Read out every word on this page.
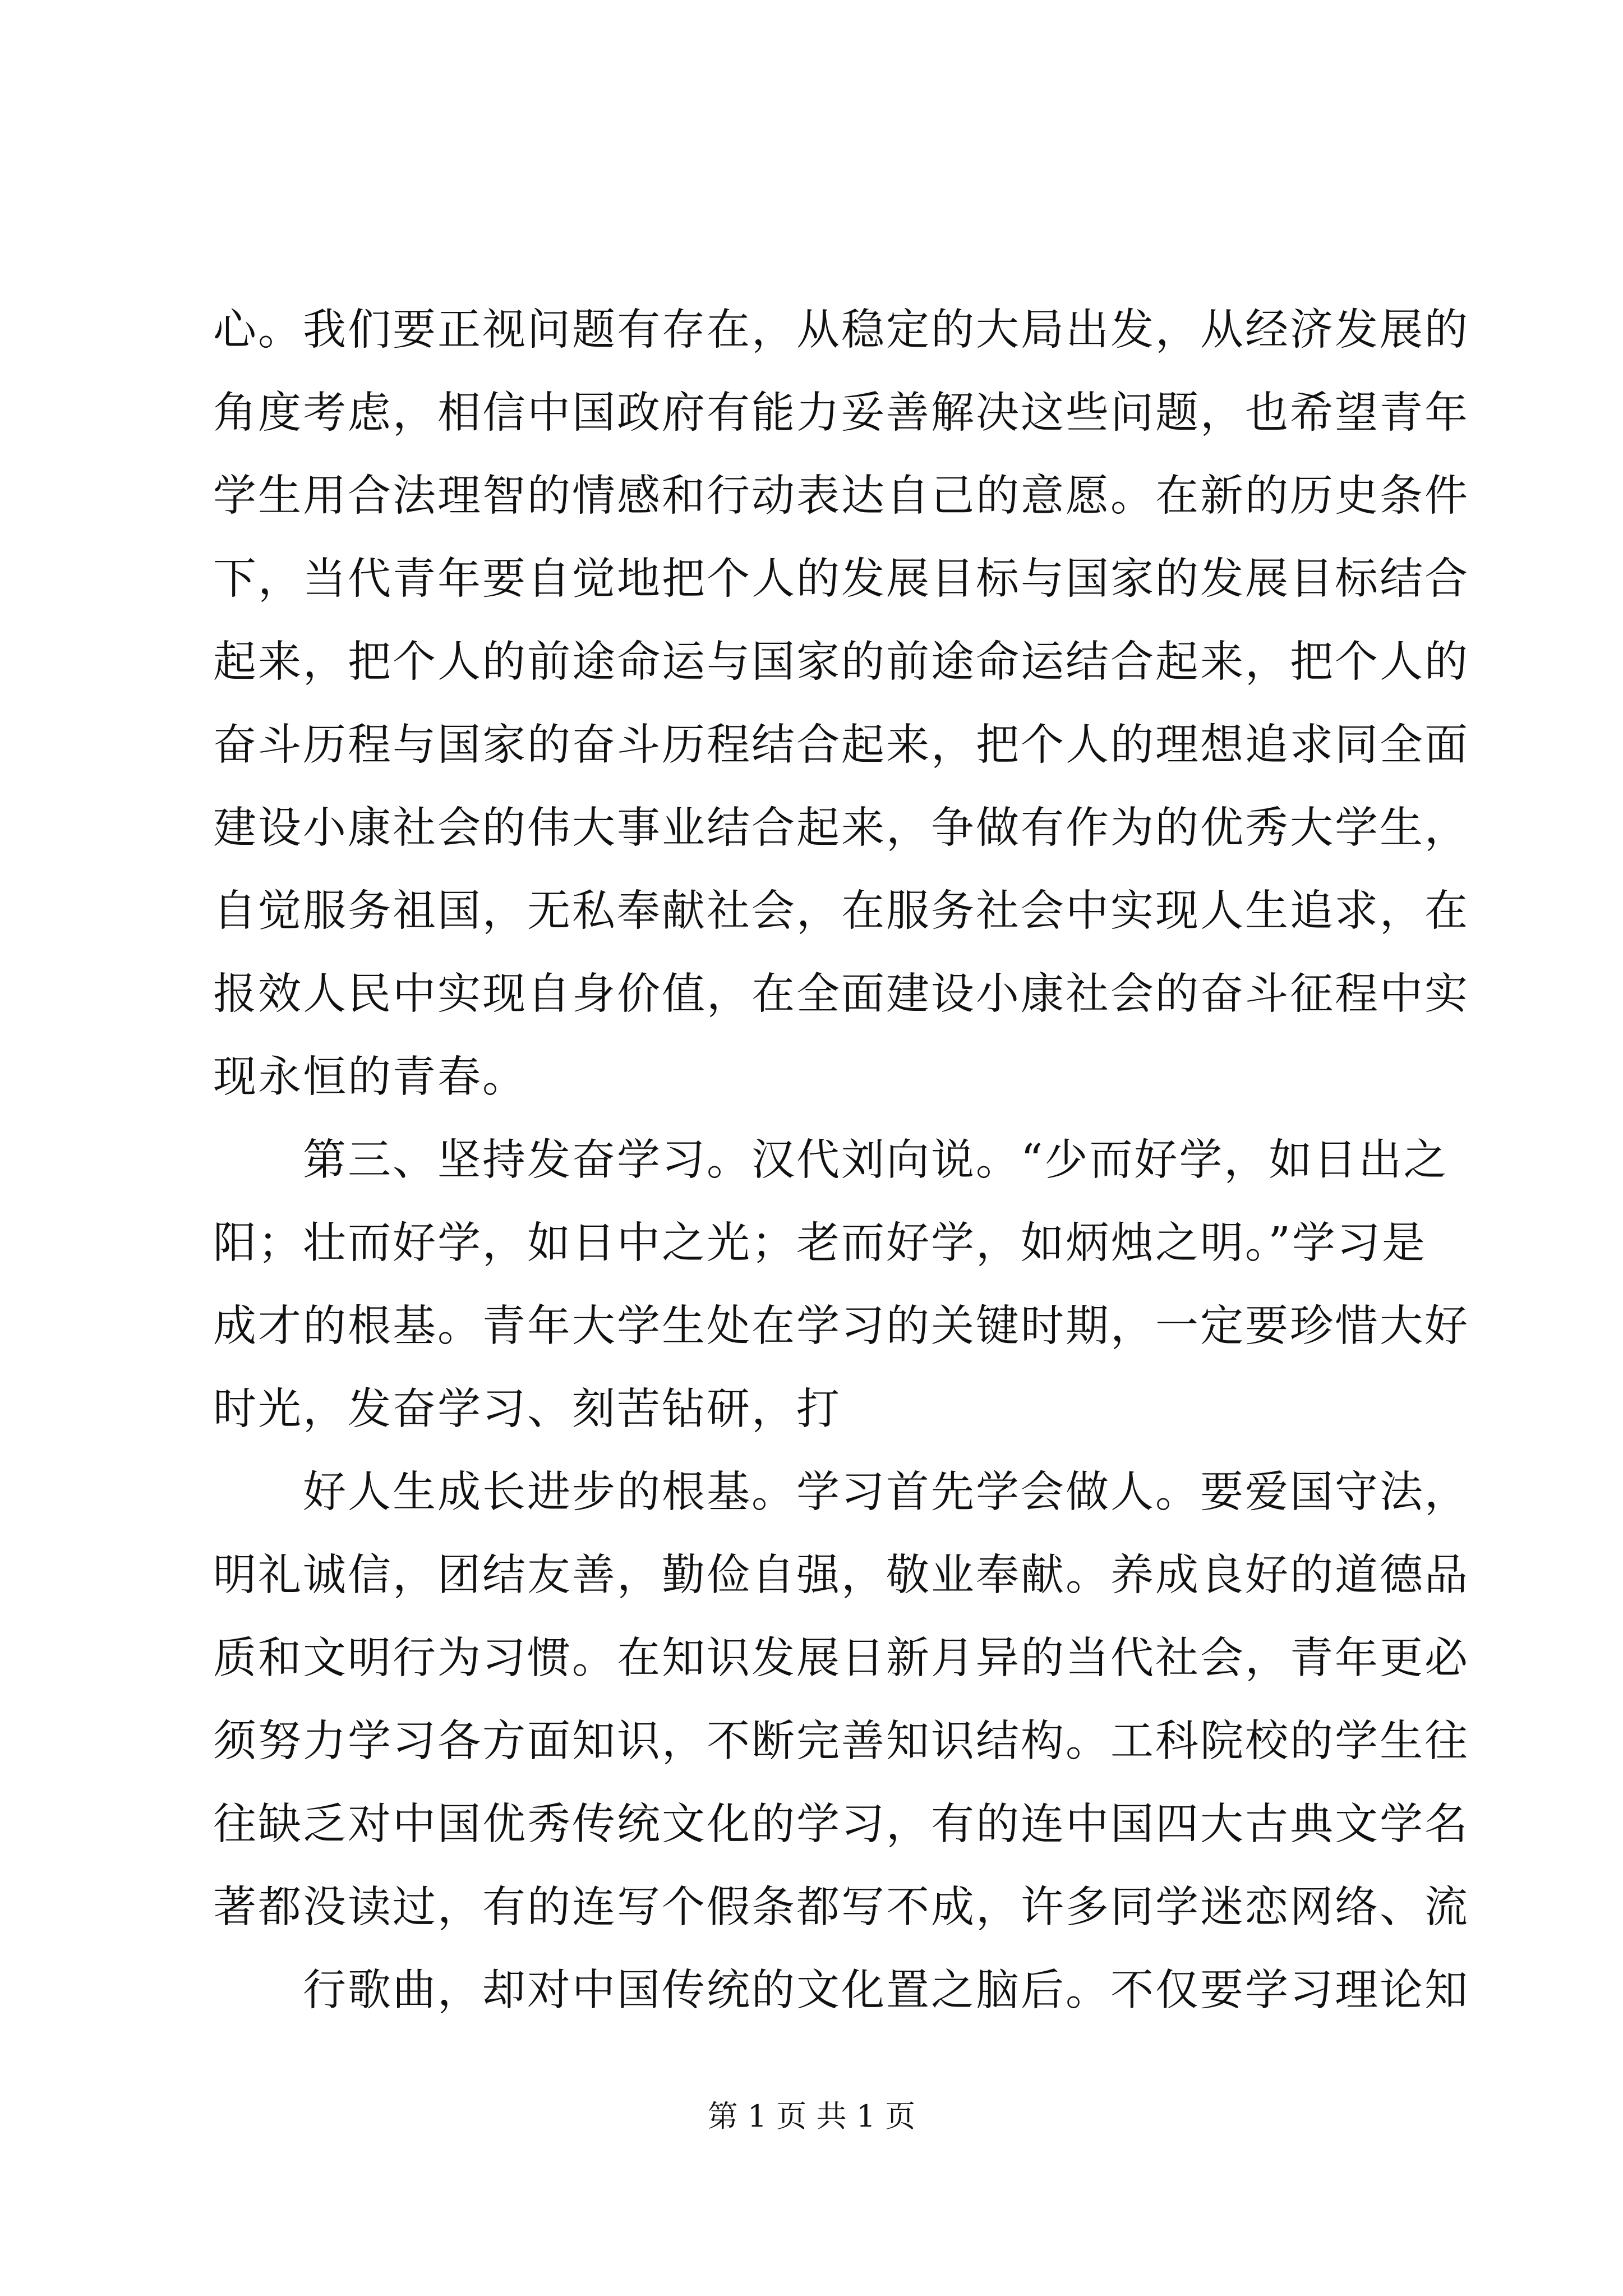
心。我们要正视问题有存在，从稳定的大局出发，从经济发展的
角度考虑，相信中国政府有能力妥善解决这些问题，也希望青年
学生用合法理智的情感和行动表达自己的意愿。在新的历史条件
下，当代青年要自觉地把个人的发展目标与国家的发展目标结合
起来，把个人的前途命运与国家的前途命运结合起来，把个人的
奋斗历程与国家的奋斗历程结合起来，把个人的理想追求同全面
建设小康社会的伟大事业结合起来，争做有作为的优秀大学生，
自觉服务祖国，无私奉献社会，在服务社会中实现人生追求，在
报效人民中实现自身价值，在全面建设小康社会的奋斗征程中实
现永恒的青春。
　　第三、坚持发奋学习。汉代刘向说。“少而好学，如日出之
阳；壮而好学，如日中之光；老而好学，如炳烛之明。”学习是
成才的根基。青年大学生处在学习的关键时期，一定要珍惜大好
时光，发奋学习、刻苦钻研，打
　　好人生成长进步的根基。学习首先学会做人。要爱国守法，
明礼诚信，团结友善，勤俭自强，敬业奉献。养成良好的道德品
质和文明行为习惯。在知识发展日新月异的当代社会，青年更必
须努力学习各方面知识，不断完善知识结构。工科院校的学生往
往缺乏对中国优秀传统文化的学习，有的连中国四大古典文学名
著都没读过，有的连写个假条都写不成，许多同学迷恋网络、流
　　行歌曲，却对中国传统的文化置之脑后。不仅要学习理论知
第 1 页 共 1 页
